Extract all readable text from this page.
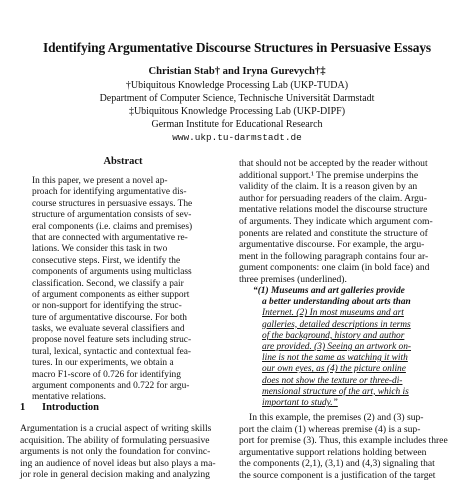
Identifying Argumentative Discourse Structures in Persuasive Essays
Christian Stab† and Iryna Gurevych†‡
†Ubiquitous Knowledge Processing Lab (UKP-TUDA)
Department of Computer Science, Technische Universität Darmstadt
‡Ubiquitous Knowledge Processing Lab (UKP-DIPF)
German Institute for Educational Research
www.ukp.tu-darmstadt.de
Abstract
In this paper, we present a novel ap-
proach for identifying argumentative dis-
course structures in persuasive essays. The
structure of argumentation consists of sev-
eral components (i.e. claims and premises)
that are connected with argumentative re-
lations. We consider this task in two
consecutive steps. First, we identify the
components of arguments using multiclass
classification. Second, we classify a pair
of argument components as either support
or non-support for identifying the struc-
ture of argumentative discourse. For both
tasks, we evaluate several classifiers and
propose novel feature sets including struc-
tural, lexical, syntactic and contextual fea-
tures. In our experiments, we obtain a
macro F1-score of 0.726 for identifying
argument components and 0.722 for argu-
mentative relations.
1 Introduction
Argumentation is a crucial aspect of writing skills
acquisition. The ability of formulating persuasive
arguments is not only the foundation for convinc-
ing an audience of novel ideas but also plays a ma-
jor role in general decision making and analyzing
that should not be accepted by the reader without
additional support.¹ The premise underpins the
validity of the claim. It is a reason given by an
author for persuading readers of the claim. Argu-
mentative relations model the discourse structure
of arguments. They indicate which argument com-
ponents are related and constitute the structure of
argumentative discourse. For example, the argu-
ment in the following paragraph contains four ar-
gument components: one claim (in bold face) and
three premises (underlined).
“(1) Museums and art galleries provide
a better understanding about arts than
Internet. (2) In most museums and art
galleries, detailed descriptions in terms
of the background, history and author
are provided. (3) Seeing an artwork on-
line is not the same as watching it with
our own eyes, as (4) the picture online
does not show the texture or three-di-
mensional structure of the art, which is
important to study.”
In this example, the premises (2) and (3) sup-
port the claim (1) whereas premise (4) is a sup-
port for premise (3). Thus, this example includes three
argumentative support relations holding between
the components (2,1), (3,1) and (4,3) signaling that
the source component is a justification of the target
